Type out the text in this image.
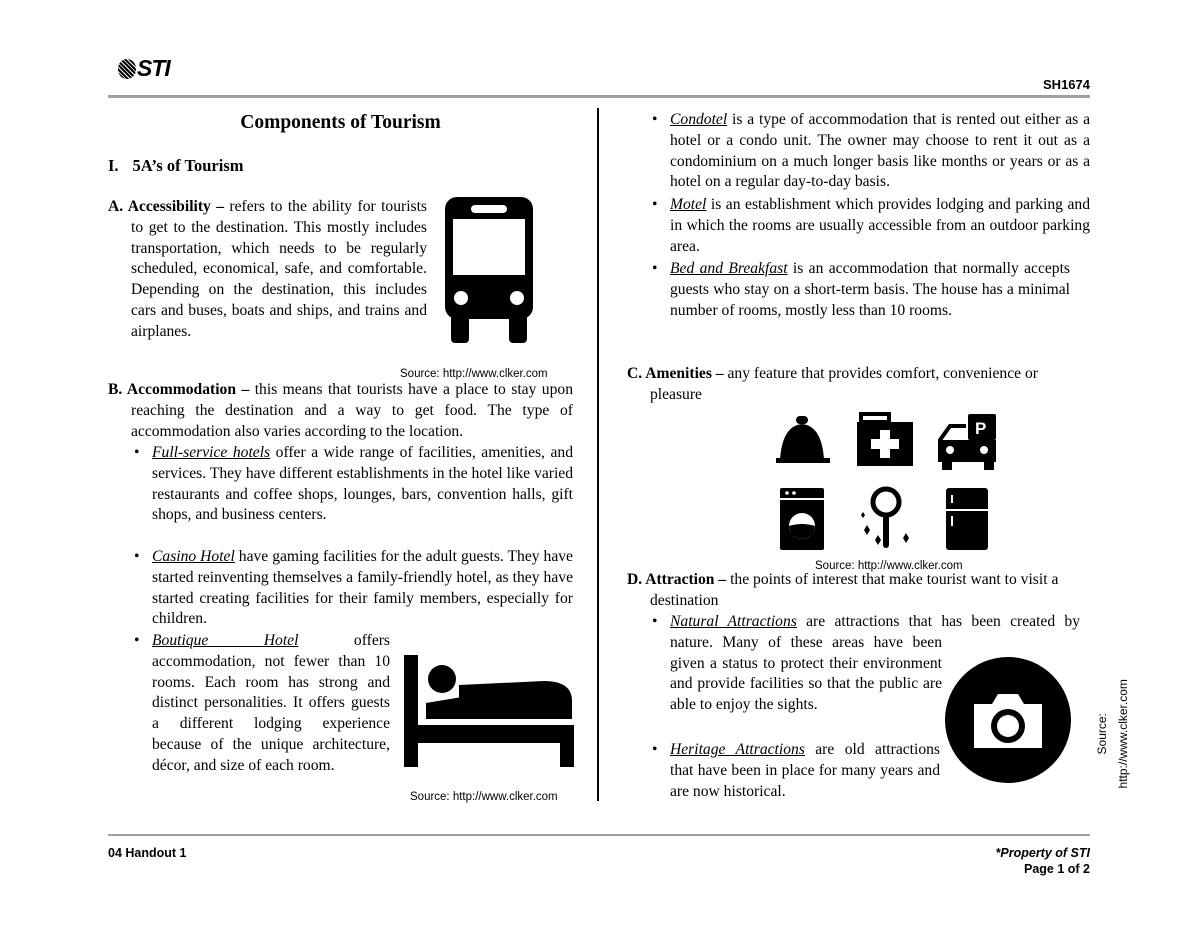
STI
SH1674
Components of Tourism
I. 5A’s of Tourism
A. Accessibility – refers to the ability for tourists to get to the destination. This mostly includes transportation, which needs to be regularly scheduled, economical, safe, and comfortable. Depending on the destination, this includes cars and buses, boats and ships, and trains and airplanes.
Source: http://www.clker.com
B. Accommodation – this means that tourists have a place to stay upon reaching the destination and a way to get food. The type of accommodation also varies according to the location.
• Full-service hotels offer a wide range of facilities, amenities, and services. They have different establishments in the hotel like varied restaurants and coffee shops, lounges, bars, convention halls, gift shops, and business centers.
• Casino Hotel have gaming facilities for the adult guests. They have started reinventing themselves a family-friendly hotel, as they have started creating facilities for their family members, especially for children.
• Boutique Hotel offers accommodation, not fewer than 10 rooms. Each room has strong and distinct personalities. It offers guests a different lodging experience because of the unique architecture, décor, and size of each room.
Source: http://www.clker.com
• Condotel is a type of accommodation that is rented out either as a hotel or a condo unit. The owner may choose to rent it out as a condominium on a much longer basis like months or years or as a hotel on a regular day-to-day basis.
• Motel is an establishment which provides lodging and parking and in which the rooms are usually accessible from an outdoor parking area.
• Bed and Breakfast is an accommodation that normally accepts guests who stay on a short-term basis. The house has a minimal number of rooms, mostly less than 10 rooms.
C. Amenities – any feature that provides comfort, convenience or pleasure
P
Source: http://www.clker.com
D. Attraction – the points of interest that make tourist want to visit a destination
• Natural Attractions are attractions that has been created by nature. Many of these areas have been given a status to protect their environment and provide facilities so that the public are able to enjoy the sights.
• Heritage Attractions are old attractions that have been in place for many years and are now historical.
Source: http://www.clker.com
04 Handout 1	*Property of STI
Page 1 of 2
